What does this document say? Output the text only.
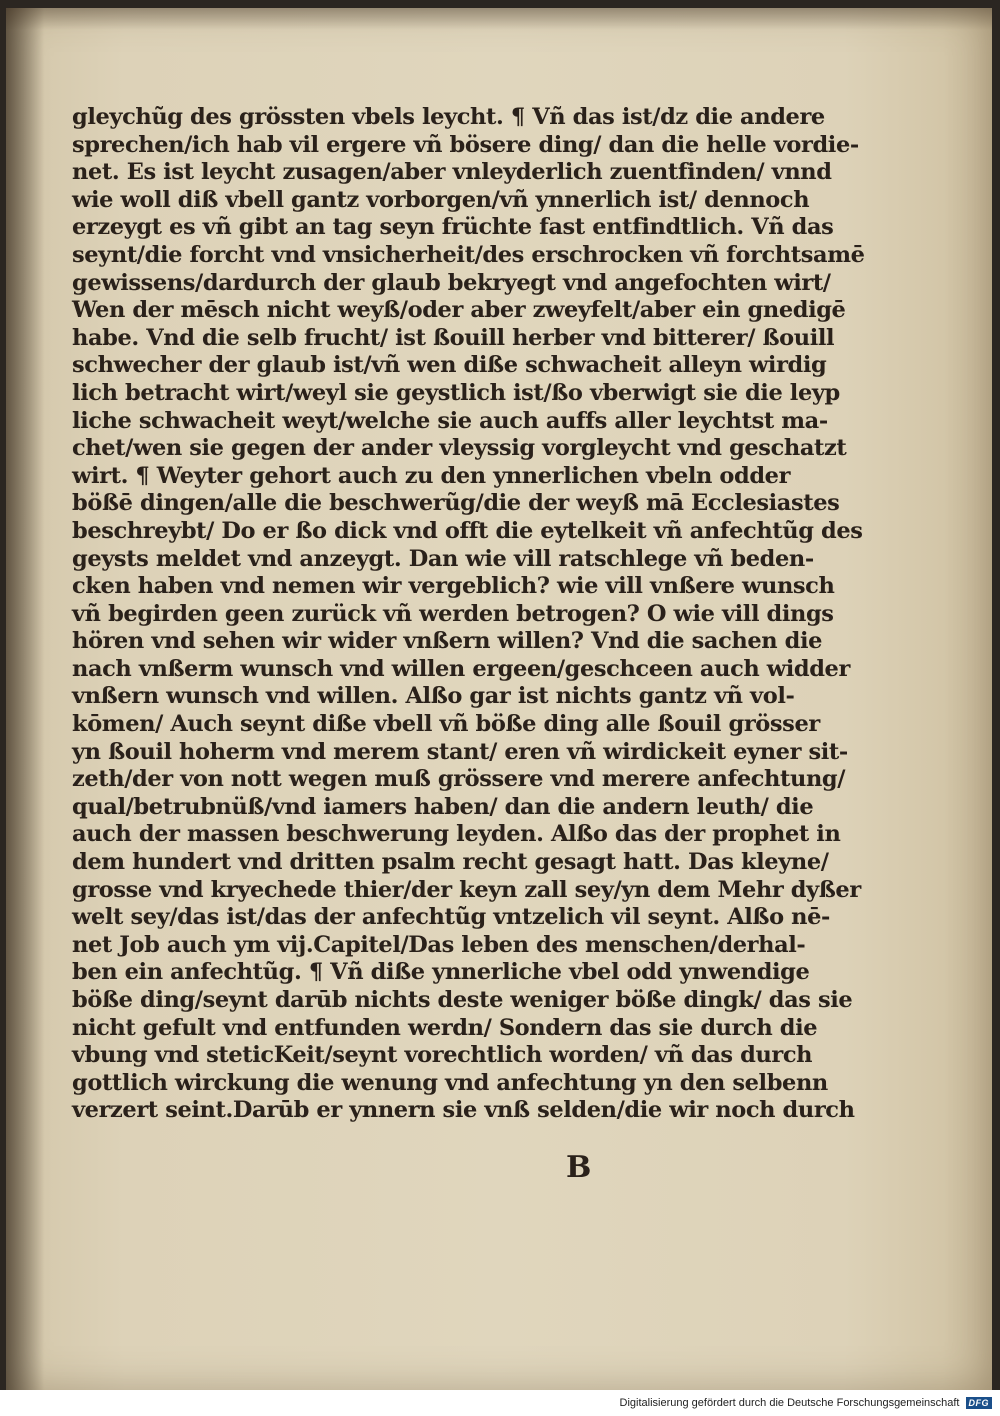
gleychũg des grössten vbels leycht. ¶ Vñ das ist/dz die andere
sprechen/ich hab vil ergere vñ bösere ding/ dan die helle vordie-
net. Es ist leycht zusagen/aber vnleyderlich zuentfinden/ vnnd
wie woll diß vbell gantz vorborgen/vñ ynnerlich ist/ dennoch
erzeygt es vñ gibt an tag seyn früchte fast entfindtlich. Vñ das
seynt/die forcht vnd vnsicherheit/des erschrocken vñ forchtsamē
gewissens/dardurch der glaub bekryegt vnd angefochten wirt/
Wen der mēsch nicht weyß/oder aber zweyfelt/aber ein gnedigē
habe. Vnd die selb frucht/ ist ßouill herber vnd bitterer/ ßouill
schwecher der glaub ist/vñ wen diße schwacheit alleyn wirdig
lich betracht wirt/weyl sie geystlich ist/ßo vberwigt sie die leyp
liche schwacheit weyt/welche sie auch auffs aller leychtst ma-
chet/wen sie gegen der ander vleyssig vorgleycht vnd geschatzt
wirt. ¶ Weyter gehort auch zu den ynnerlichen vbeln odder
bößē dingen/alle die beschwerũg/die der weyß mā Ecclesiastes
beschreybt/ Do er ßo dick vnd offt die eytelkeit vñ anfechtũg des
geysts meldet vnd anzeygt. Dan wie vill ratschlege vñ beden-
cken haben vnd nemen wir vergeblich? wie vill vnßere wunsch
vñ begirden geen zurück vñ werden betrogen? O wie vill dings
hören vnd sehen wir wider vnßern willen? Vnd die sachen die
nach vnßerm wunsch vnd willen ergeen/geschceen auch widder
vnßern wunsch vnd willen. Alßo gar ist nichts gantz vñ vol-
kōmen/ Auch seynt diße vbell vñ böße ding alle ßouil grösser
yn ßouil hoherm vnd merem stant/ eren vñ wirdickeit eyner sit-
zeth/der von nott wegen muß grössere vnd merere anfechtung/
qual/betrubnüß/vnd iamers haben/ dan die andern leuth/ die
auch der massen beschwerung leyden. Alßo das der prophet in
dem hundert vnd dritten psalm recht gesagt hatt. Das kleyne/
grosse vnd kryechede thier/der keyn zall sey/yn dem Mehr dyßer
welt sey/das ist/das der anfechtũg vntzelich vil seynt. Alßo nē-
net Job auch ym vij.Capitel/Das leben des menschen/derhal-
ben ein anfechtũg. ¶ Vñ diße ynnerliche vbel odd ynwendige
böße ding/seynt darūb nichts deste weniger böße dingk/ das sie
nicht gefult vnd entfunden werdn/ Sondern das sie durch die
vbung vnd steticKeit/seynt vorechtlich worden/ vñ das durch
gottlich wirckung die wenung vnd anfechtung yn den selbenn
verzert seint.Darūb er ynnern sie vnß selden/die wir noch durch
B
Digitalisierung gefördert durch die Deutsche Forschungsgemeinschaft	DFG
